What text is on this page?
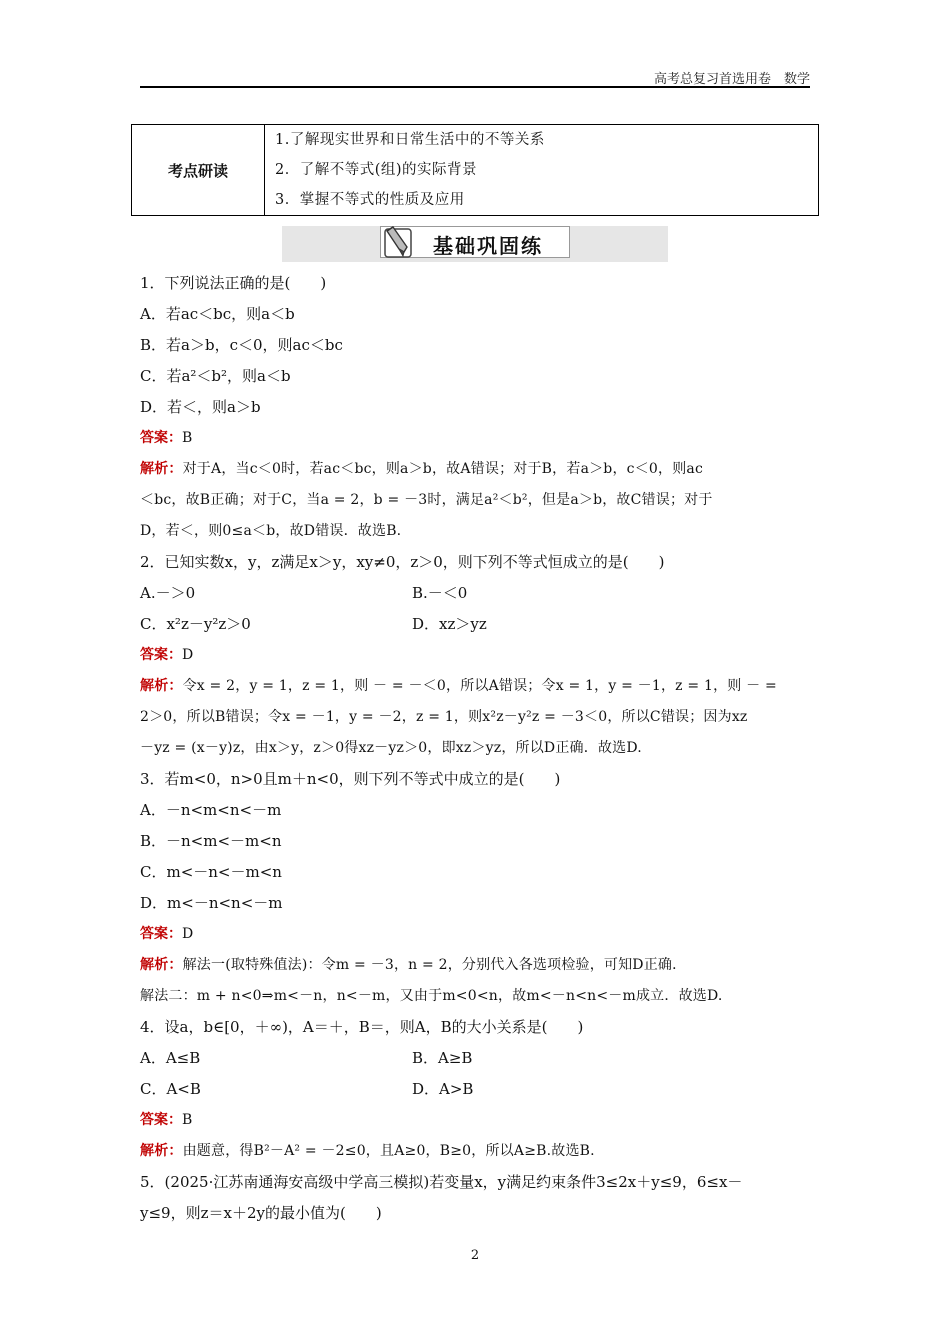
高考总复习首选用卷　数学
考点研读
1.了解现实世界和日常生活中的不等关系
2．了解不等式(组)的实际背景
3．掌握不等式的性质及应用
基础巩固练
1．下列说法正确的是(　　)
A．若ac＜bc，则a＜b
B．若a＞b，c＜0，则ac＜bc
C．若a²＜b²，则a＜b
D．若＜，则a＞b
答案：B
解析：对于A，当c＜0时，若ac＜bc，则a＞b，故A错误；对于B，若a＞b，c＜0，则ac
＜bc，故B正确；对于C，当a = 2，b = －3时，满足a²＜b²，但是a＞b，故C错误；对于
D，若＜，则0≤a＜b，故D错误．故选B.
2．已知实数x，y，z满足x＞y，xy≠0，z＞0，则下列不等式恒成立的是(　　)
A.－＞0	B.－＜0
C．x²z－y²z＞0	D．xz＞yz
答案：D
解析：令x = 2，y = 1，z = 1，则 － = －＜0，所以A错误；令x = 1，y = －1，z = 1，则 － =
2＞0，所以B错误；令x = －1，y = －2，z = 1，则x²z－y²z = －3＜0，所以C错误；因为xz
－yz = (x－y)z，由x＞y，z＞0得xz－yz＞0，即xz＞yz，所以D正确．故选D.
3．若m<0，n>0且m＋n<0，则下列不等式中成立的是(　　)
A．－n<m<n<－m
B．－n<m<－m<n
C．m<－n<－m<n
D．m<－n<n<－m
答案：D
解析：解法一(取特殊值法)：令m = －3，n = 2，分别代入各选项检验，可知D正确．
解法二：m + n<0⇒m<－n，n<－m，又由于m<0<n，故m<－n<n<－m成立．故选D.
4．设a，b∈[0，＋∞)，A＝＋，B＝，则A，B的大小关系是(　　)
A．A≤B	B．A≥B
C．A<B	D．A>B
答案：B
解析：由题意，得B²－A² = －2≤0，且A≥0，B≥0，所以A≥B.故选B.
5．(2025·江苏南通海安高级中学高三模拟)若变量x，y满足约束条件3≤2x＋y≤9，6≤x－
y≤9，则z＝x＋2y的最小值为(　　)
2
